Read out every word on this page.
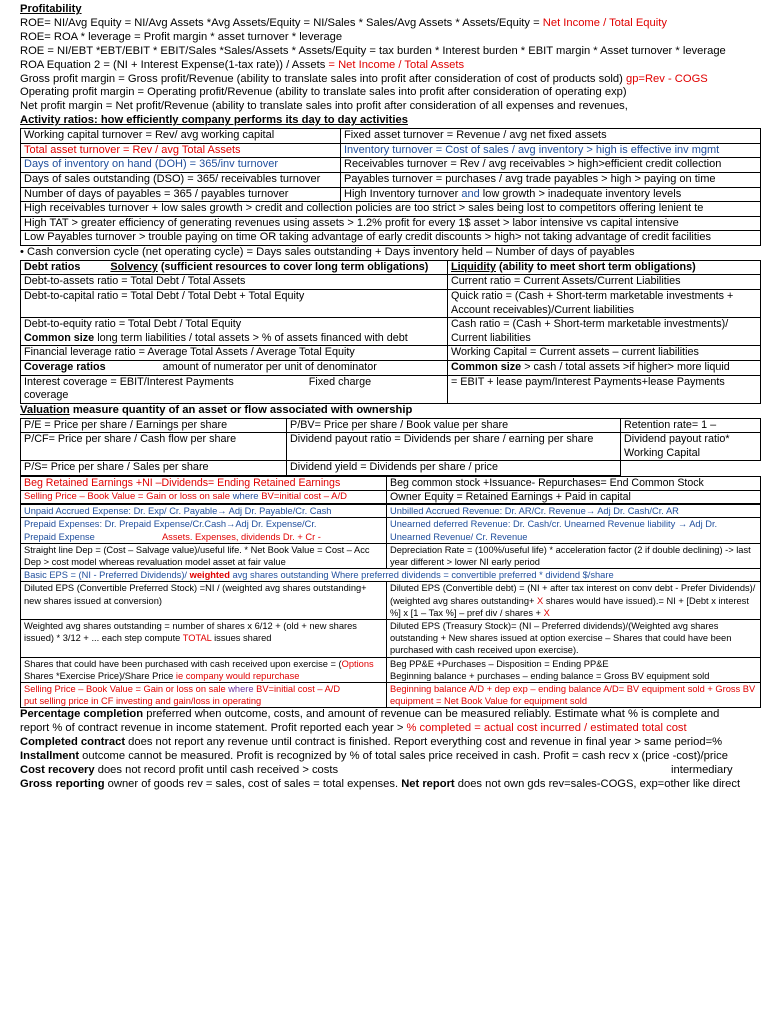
Profitability
ROE= NI/Avg Equity = NI/Avg Assets *Avg Assets/Equity = NI/Sales * Sales/Avg Assets * Assets/Equity = Net Income / Total Equity
ROE= ROA * leverage = Profit margin * asset turnover * leverage
ROE = NI/EBT *EBT/EBIT * EBIT/Sales *Sales/Assets * Assets/Equity = tax burden * Interest burden * EBIT margin * Asset turnover * leverage
ROA Equation 2 = (NI + Interest Expense(1-tax rate)) / Assets = Net Income / Total Assets
Gross profit margin = Gross profit/Revenue (ability to translate sales into profit after consideration of cost of products sold) gp=Rev - COGS
Operating profit margin = Operating profit/Revenue (ability to translate sales into profit after consideration of operating exp)
Net profit margin = Net profit/Revenue (ability to translate sales into profit after consideration of all expenses and revenues,
Activity ratios: how efficiently company performs its day to day activities
Working capital turnover = Rev/ avg working capital	Fixed asset turnover = Revenue / avg net fixed assets
Total asset turnover = Rev / avg Total Assets	Inventory turnover = Cost of sales / avg inventory > high is effective inv mgmt
Days of inventory on hand (DOH) = 365/inv turnover	Receivables turnover = Rev / avg receivables > high>efficient credit collection
Days of sales outstanding (DSO) = 365/ receivables turnover	Payables turnover = purchases / avg trade payables > high > paying on time
Number of days of payables = 365 / payables turnover	High Inventory turnover and low growth > inadequate inventory levels
High receivables turnover + low sales growth > credit and collection policies are too strict > sales being lost to competitors offering lenient te	
High TAT > greater efficiency of generating revenues using assets > 1.2% profit for every 1$ asset > labor intensive vs capital intensive	
Low Payables turnover > trouble paying on time OR taking advantage of early credit discounts > high> not taking advantage of credit facilities	
• Cash conversion cycle (net operating cycle) = Days sales outstanding + Days inventory held – Number of days of payables
Debt ratios Solvency (sufficient resources to cover long term obligations)	Liquidity (ability to meet short term obligations)
Debt-to-assets ratio = Total Debt / Total Assets	Current ratio = Current Assets/Current Liabilities
Debt-to-capital ratio = Total Debt / Total Debt + Total Equity	Quick ratio = (Cash + Short-term marketable investments + Account receivables)/Current liabilities

Debt-to-equity ratio = Total Debt / Total Equity
Common size long term liabilities / total assets > % of assets financed with debt	Cash ratio = (Cash + Short-term marketable investments)/ Current liabilities
Financial leverage ratio = Average Total Assets / Average Total Equity	Working Capital = Current assets – current liabilities
Coverage ratios amount of numerator per unit of denominator	Common size > cash / total assets >if higher> more liquid
Interest coverage = EBIT/Interest Payments Fixed charge
coverage	= EBIT + lease paym/Interest Payments+lease Payments
Valuation measure quantity of an asset or flow associated with ownership
P/E = Price per share / Earnings per share	P/BV= Price per share / Book value per share	Retention rate= 1 –
P/CF= Price per share / Cash flow per share	Dividend payout ratio = Dividends per share / earning per share	Dividend payout ratio* Working Capital
P/S= Price per share / Sales per share	Dividend yield = Dividends per share / price	
Beg Retained Earnings +NI –Dividends= Ending Retained Earnings	Beg common stock +Issuance- Repurchases= End Common Stock
Selling Price – Book Value = Gain or loss on sale where BV=initial cost – A/D	Owner Equity = Retained Earnings + Paid in capital
Unpaid Accrued Expense: Dr. Exp/ Cr. Payable→ Adj Dr. Payable/Cr. Cash	Unbilled Accrued Revenue: Dr. AR/Cr. Revenue→ Adj Dr. Cash/Cr. AR

Prepaid Expenses: Dr. Prepaid Expense/Cr.Cash→Adj Dr. Expense/Cr.
Prepaid Expense Assets. Expenses, dividends Dr. + Cr -	Unearned deferred Revenue: Dr. Cash/cr. Unearned Revenue liability → Adj Dr. Unearned Revenue/ Cr. Revenue
Straight line Dep = (Cost – Salvage value)/useful life. * Net Book Value = Cost – Acc Dep > cost model whereas revaluation model asset at fair value	Depreciation Rate = (100%/useful life) * acceleration factor (2 if double declining) -> last year different > lower NI early period
Basic EPS = (NI - Preferred Dividends)/ weighted avg shares outstanding Where preferred dividends = convertible preferred * dividend $/share	
Diluted EPS (Convertible Preferred Stock) =NI / (weighted avg shares outstanding+ new shares issued at conversion)	Diluted EPS (Convertible debt) = (NI + after tax interest on conv debt - Prefer Dividends)/ (weighted avg shares outstanding+ X shares would have issued).= NI + [Debt x interest %] x [1 – Tax %] – pref div / shares + X
Weighted avg shares outstanding = number of shares x 6/12 + (old + new shares issued) * 3/12 + ... each step compute TOTAL issues shared	Diluted EPS (Treasury Stock)= (NI – Preferred dividends)/(Weighted avg shares outstanding + New shares issued at option exercise – Shares that could have been purchased with cash received upon exercise).
Shares that could have been purchased with cash received upon exercise = (Options Shares *Exercise Price)/Share Price ie company would repurchase	Beg PP&E +Purchases – Disposition = Ending PP&E
Beginning balance + purchases – ending balance = Gross BV equipment sold
Selling Price – Book Value = Gain or loss on sale where BV=initial cost – A/D
put selling price in CF investing and gain/loss in operating	Beginning balance A/D + dep exp – ending balance A/D= BV equipment sold + Gross BV equipment = Net Book Value for equipment sold
Percentage completion preferred when outcome, costs, and amount of revenue can be measured reliably. Estimate what % is complete and
report % of contract revenue in income statement. Profit reported each year > % completed = actual cost incurred / estimated total cost
Completed contract does not report any revenue until contract is finished. Report everything cost and revenue in final year > same period=%
Installment outcome cannot be measured. Profit is recognized by % of total sales price received in cash. Profit = cash recv x (price -cost)/price
Cost recovery does not record profit until cash received > costs	intermediary
Gross reporting owner of goods rev = sales, cost of sales = total expenses. Net report does not own gds rev=sales-COGS, exp=other like direct
